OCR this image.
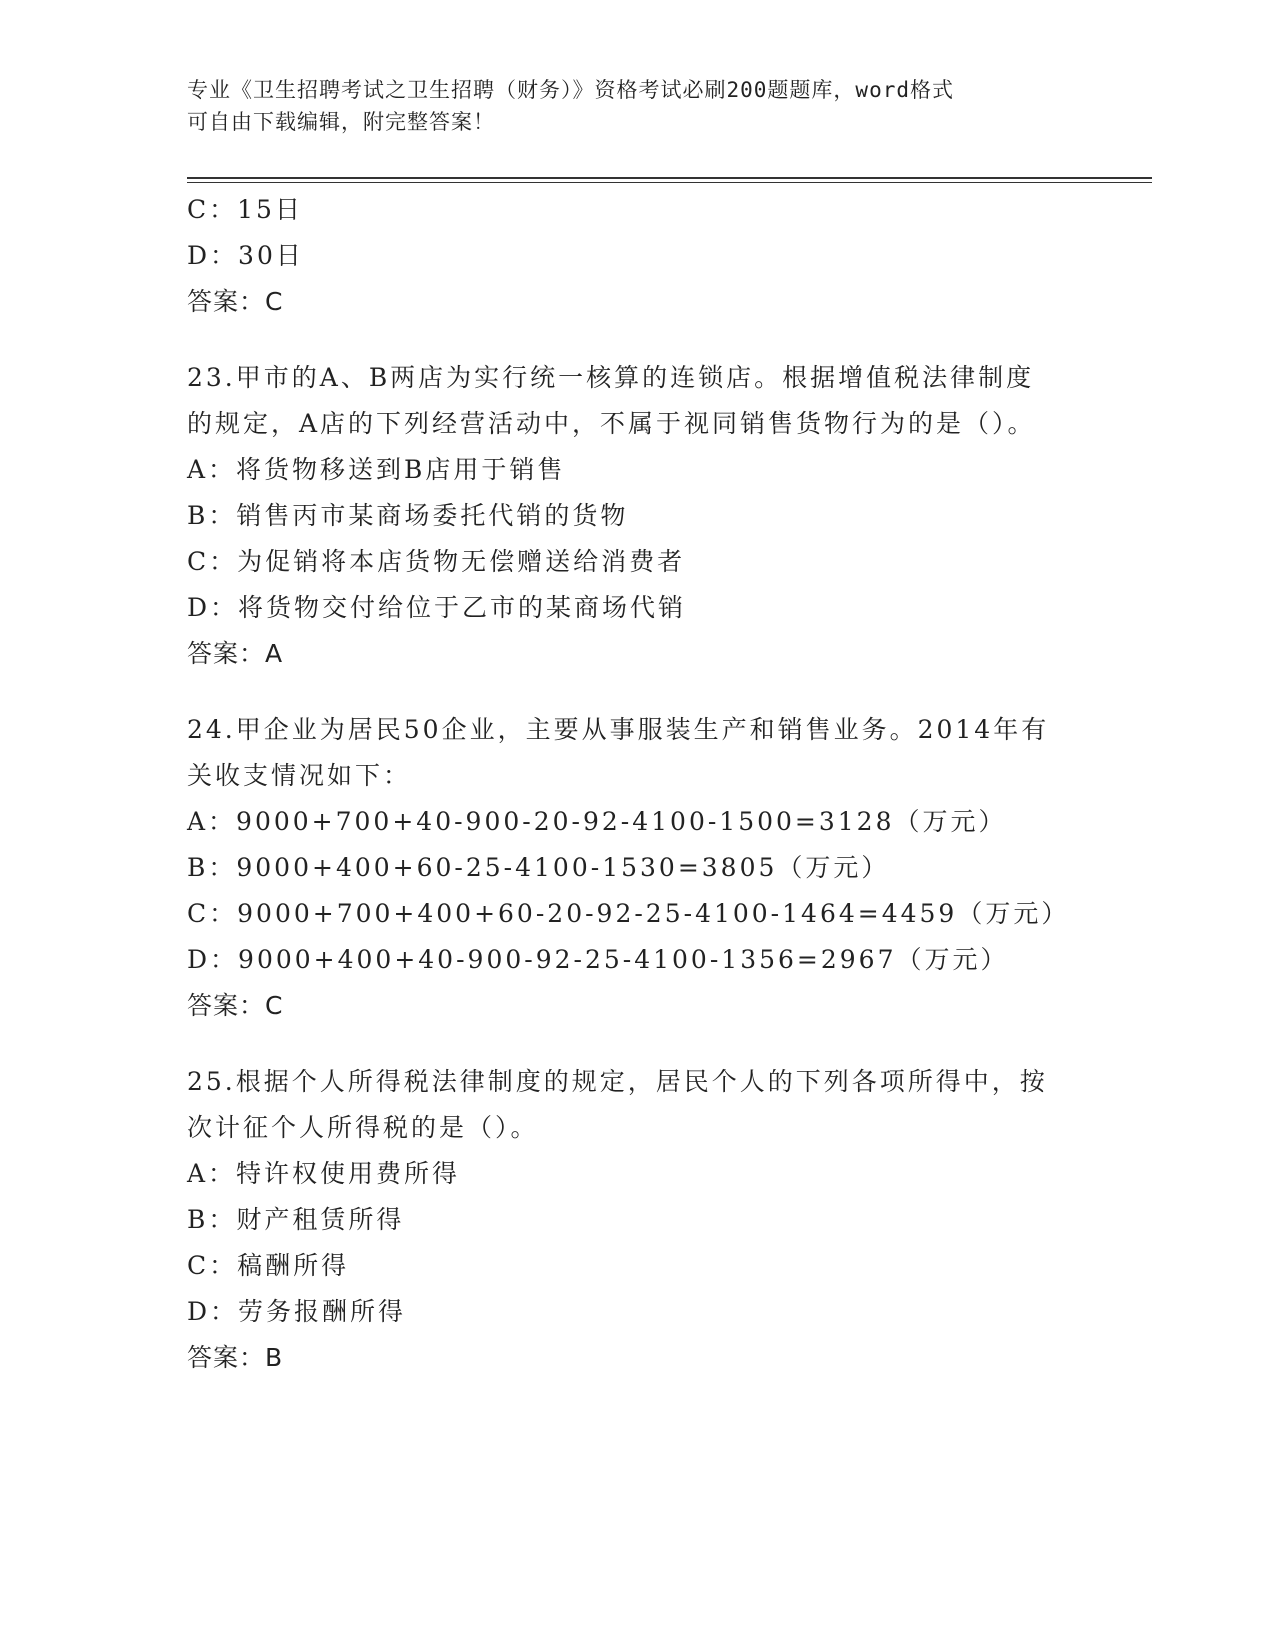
专业《卫生招聘考试之卫生招聘（财务）》资格考试必刷200题题库，word格式
可自由下载编辑，附完整答案！
C：15日
D：30日
答案：C
23.甲市的A、B两店为实行统一核算的连锁店。根据增值税法律制度
的规定，A店的下列经营活动中，不属于视同销售货物行为的是（）。
A：将货物移送到B店用于销售
B：销售丙市某商场委托代销的货物
C：为促销将本店货物无偿赠送给消费者
D：将货物交付给位于乙市的某商场代销
答案：A
24.甲企业为居民50企业，主要从事服装生产和销售业务。2014年有
关收支情况如下：
A：9000+700+40-900-20-92-4100-1500=3128（万元）
B：9000+400+60-25-4100-1530=3805（万元）
C：9000+700+400+60-20-92-25-4100-1464=4459（万元）
D：9000+400+40-900-92-25-4100-1356=2967（万元）
答案：C
25.根据个人所得税法律制度的规定，居民个人的下列各项所得中，按
次计征个人所得税的是（）。
A：特许权使用费所得
B：财产租赁所得
C：稿酬所得
D：劳务报酬所得
答案：B
